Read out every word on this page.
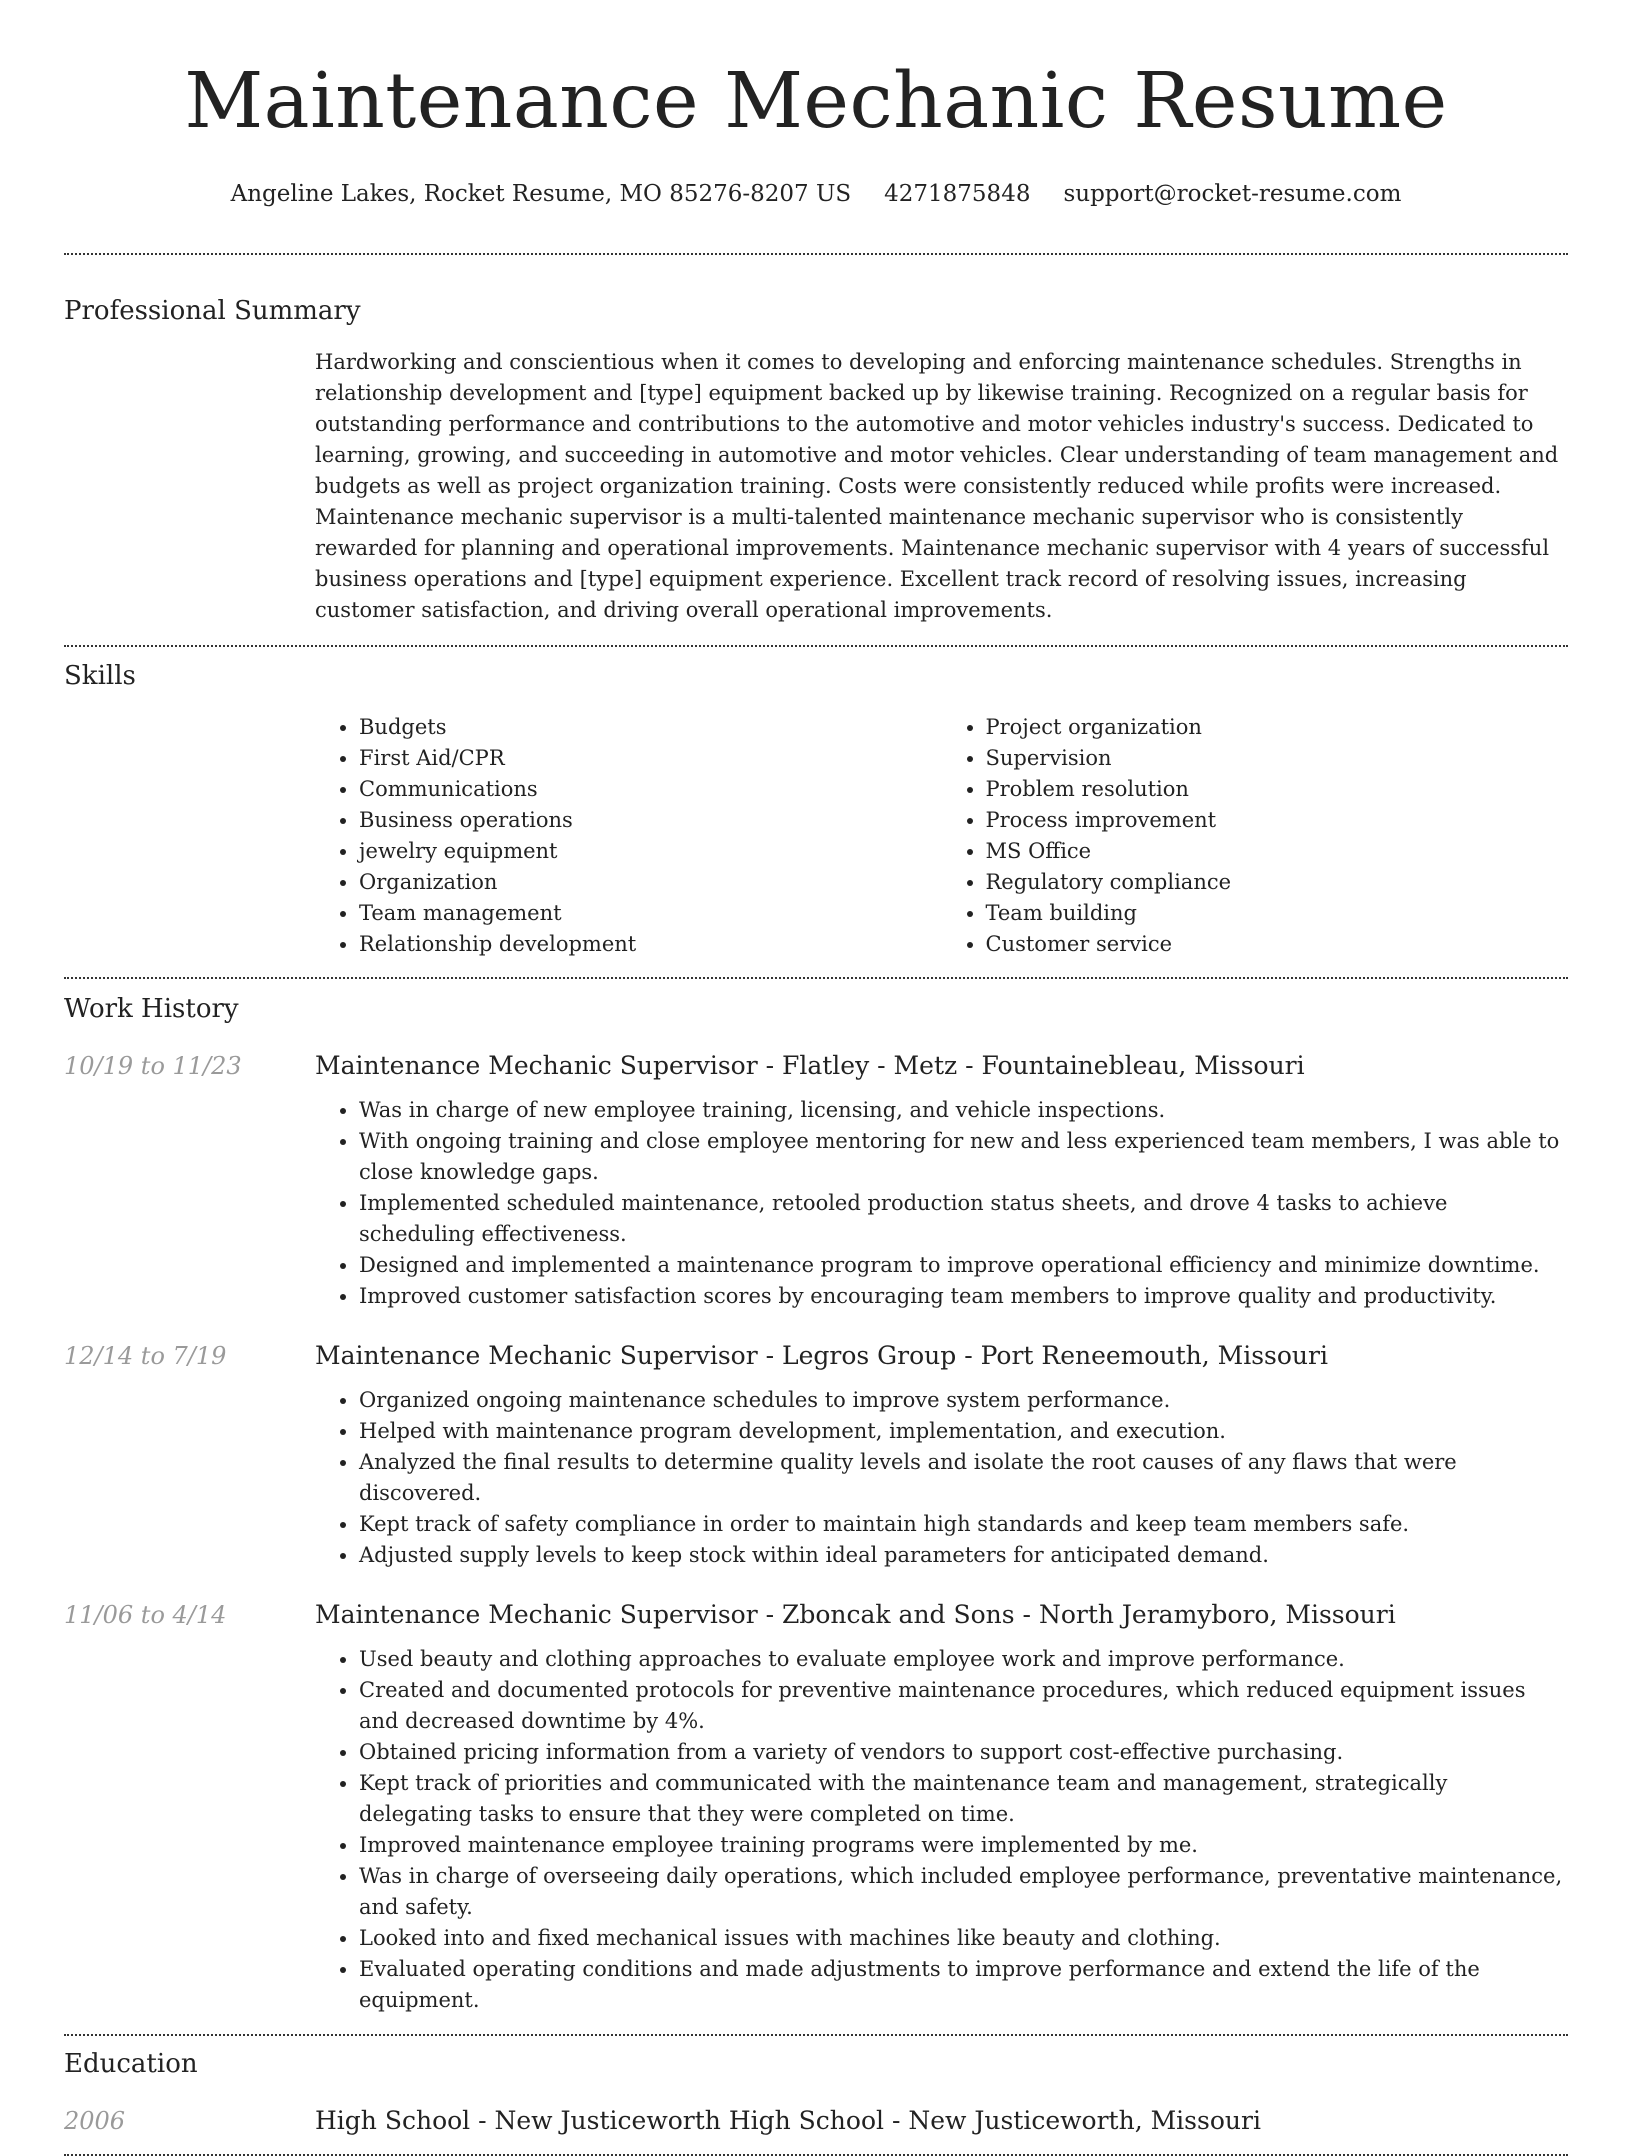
Maintenance Mechanic Resume
Angeline Lakes, Rocket Resume, MO 85276-8207 US 4271875848 support@rocket-resume.com
Professional Summary

Hardworking and conscientious when it comes to developing and enforcing maintenance schedules. Strengths in relationship development and [type] equipment backed up by likewise training. Recognized on a regular basis for outstanding performance and contributions to the automotive and motor vehicles industry's success. Dedicated to learning, growing, and succeeding in automotive and motor vehicles. Clear understanding of team management and budgets as well as project organization training. Costs were consistently reduced while profits were increased. Maintenance mechanic supervisor is a multi-talented maintenance mechanic supervisor who is consistently rewarded for planning and operational improvements. Maintenance mechanic supervisor with 4 years of successful business operations and [type] equipment experience. Excellent track record of resolving issues, increasing customer satisfaction, and driving overall operational improvements.

Skills
• Budgets
• First Aid/CPR
• Communications
• Business operations
• jewelry equipment
• Organization
• Team management
• Relationship development
• Project organization
• Supervision
• Problem resolution
• Process improvement
• MS Office
• Regulatory compliance
• Team building
• Customer service
Work History
10/19 to 11/23	Maintenance Mechanic Supervisor - Flatley - Metz - Fountainebleau, Missouri
• Was in charge of new employee training, licensing, and vehicle inspections.
• With ongoing training and close employee mentoring for new and less experienced team members, I was able to close knowledge gaps.
• Implemented scheduled maintenance, retooled production status sheets, and drove 4 tasks to achieve scheduling effectiveness.
• Designed and implemented a maintenance program to improve operational efficiency and minimize downtime.
• Improved customer satisfaction scores by encouraging team members to improve quality and productivity.
12/14 to 7/19	Maintenance Mechanic Supervisor - Legros Group - Port Reneemouth, Missouri
• Organized ongoing maintenance schedules to improve system performance.
• Helped with maintenance program development, implementation, and execution.
• Analyzed the final results to determine quality levels and isolate the root causes of any flaws that were discovered.
• Kept track of safety compliance in order to maintain high standards and keep team members safe.
• Adjusted supply levels to keep stock within ideal parameters for anticipated demand.
11/06 to 4/14	Maintenance Mechanic Supervisor - Zboncak and Sons - North Jeramyboro, Missouri
• Used beauty and clothing approaches to evaluate employee work and improve performance.
• Created and documented protocols for preventive maintenance procedures, which reduced equipment issues and decreased downtime by 4%.
• Obtained pricing information from a variety of vendors to support cost-effective purchasing.
• Kept track of priorities and communicated with the maintenance team and management, strategically delegating tasks to ensure that they were completed on time.
• Improved maintenance employee training programs were implemented by me.
• Was in charge of overseeing daily operations, which included employee performance, preventative maintenance, and safety.
• Looked into and fixed mechanical issues with machines like beauty and clothing.
• Evaluated operating conditions and made adjustments to improve performance and extend the life of the equipment.
Education
2006	High School - New Justiceworth High School - New Justiceworth, Missouri
